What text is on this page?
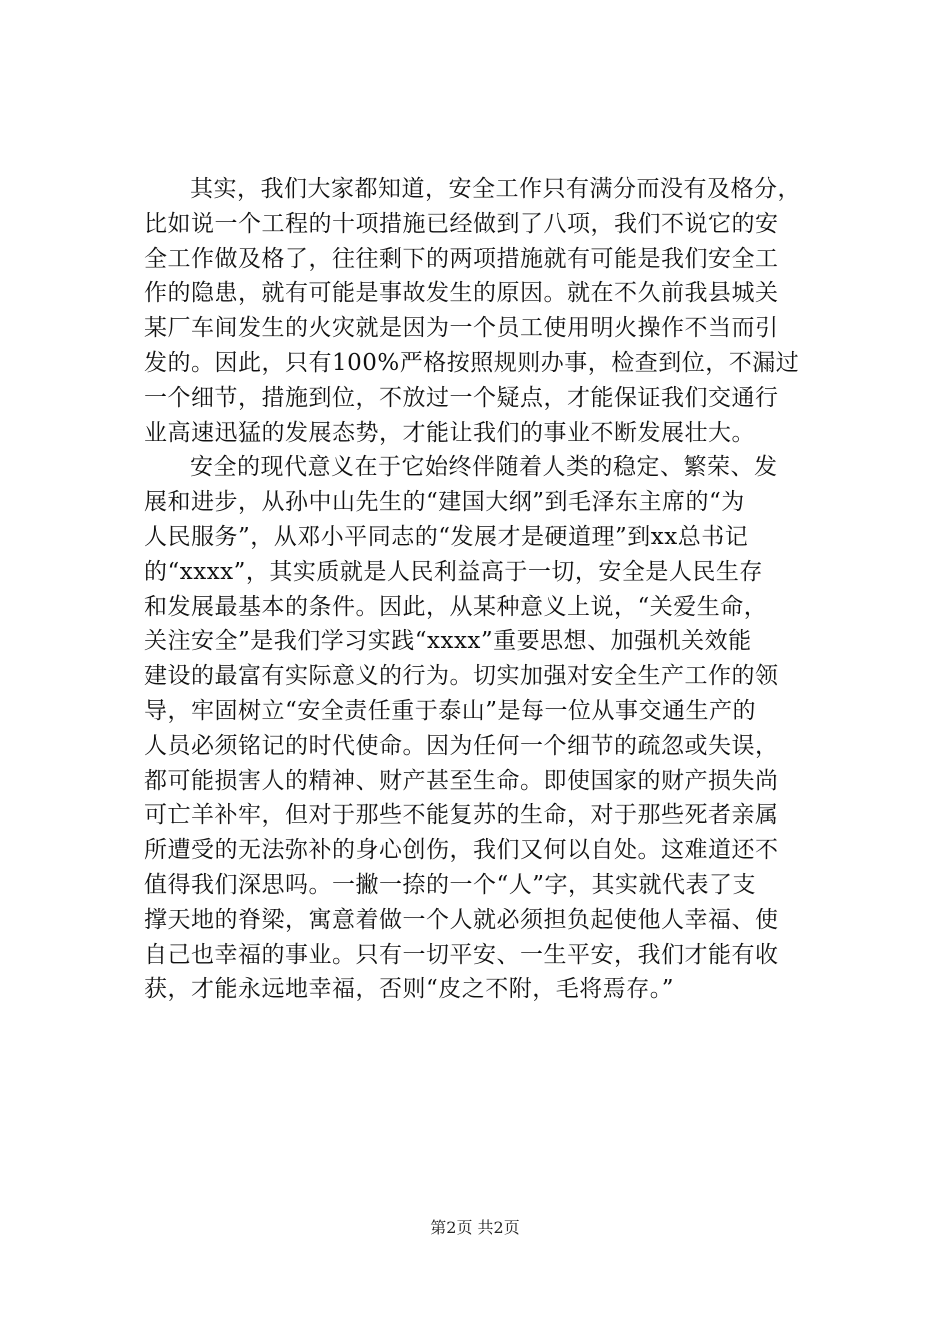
其实，我们大家都知道，安全工作只有满分而没有及格分，
比如说一个工程的十项措施已经做到了八项，我们不说它的安
全工作做及格了，往往剩下的两项措施就有可能是我们安全工
作的隐患，就有可能是事故发生的原因。就在不久前我县城关
某厂车间发生的火灾就是因为一个员工使用明火操作不当而引
发的。因此，只有100%严格按照规则办事，检查到位，不漏过
一个细节，措施到位，不放过一个疑点，才能保证我们交通行
业高速迅猛的发展态势，才能让我们的事业不断发展壮大。

安全的现代意义在于它始终伴随着人类的稳定、繁荣、发
展和进步，从孙中山先生的“建国大纲”到毛泽东主席的“为
人民服务”，从邓小平同志的“发展才是硬道理”到xx总书记
的“xxxx”，其实质就是人民利益高于一切，安全是人民生存
和发展最基本的条件。因此，从某种意义上说，“关爱生命，
关注安全”是我们学习实践“xxxx”重要思想、加强机关效能
建设的最富有实际意义的行为。切实加强对安全生产工作的领
导，牢固树立“安全责任重于泰山”是每一位从事交通生产的
人员必须铭记的时代使命。因为任何一个细节的疏忽或失误，
都可能损害人的精神、财产甚至生命。即使国家的财产损失尚
可亡羊补牢，但对于那些不能复苏的生命，对于那些死者亲属
所遭受的无法弥补的身心创伤，我们又何以自处。这难道还不
值得我们深思吗。一撇一捺的一个“人”字，其实就代表了支
撑天地的脊梁，寓意着做一个人就必须担负起使他人幸福、使
自己也幸福的事业。只有一切平安、一生平安，我们才能有收
获，才能永远地幸福，否则“皮之不附，毛将焉存。”

第2页 共2页
